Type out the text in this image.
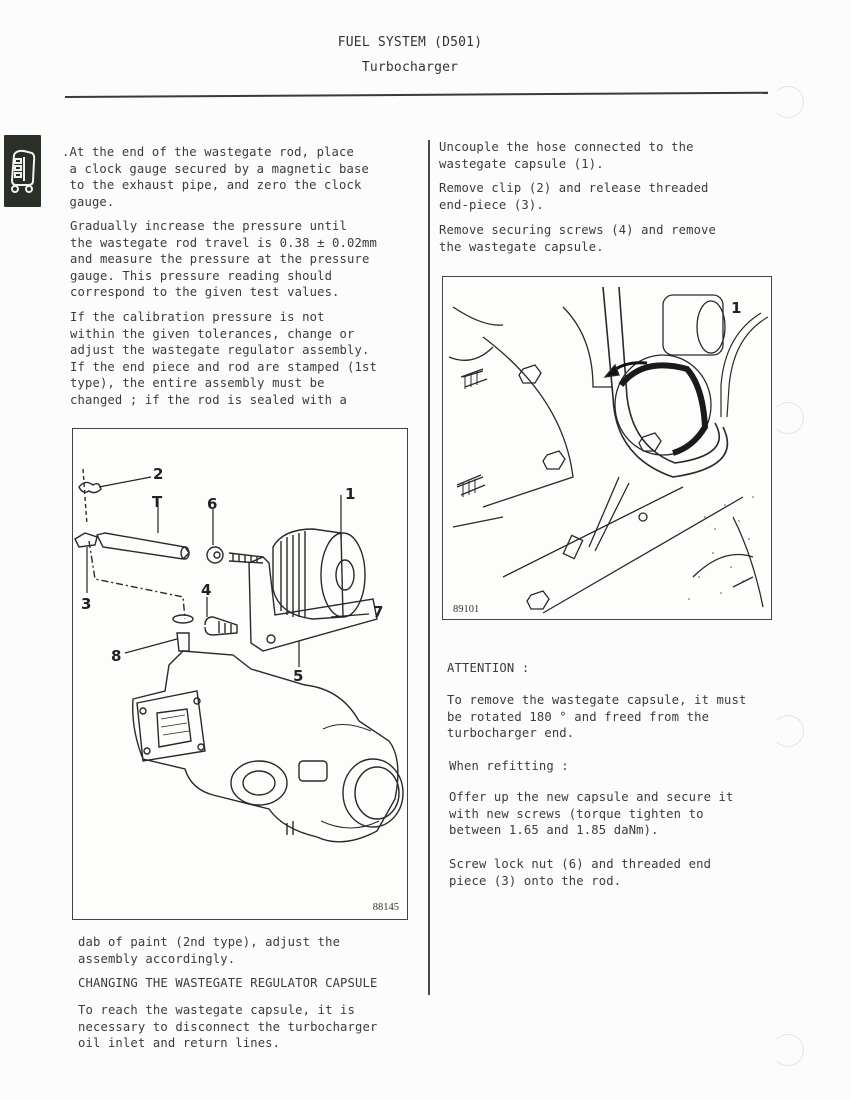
FUEL SYSTEM (D501)
Turbocharger
.At the end of the wastegate rod, place
a clock gauge secured by a magnetic base
to the exhaust pipe, and zero the clock
gauge.
Gradually increase the pressure until
the wastegate rod travel is 0.38 ± 0.02mm
and measure the pressure at the pressure
gauge. This pressure reading should
correspond to the given test values.
If the calibration pressure is not
within the given tolerances, change or
adjust the wastegate regulator assembly.
If the end piece and rod are stamped (1st
type), the entire assembly must be
changed ; if the rod is sealed with a
1
2
T
3
4
5
6
7
8
88145
dab of paint (2nd type), adjust the
assembly accordingly.
CHANGING THE WASTEGATE REGULATOR CAPSULE
To reach the wastegate capsule, it is
necessary to disconnect the turbocharger
oil inlet and return lines.
Uncouple the hose connected to the
wastegate capsule (1).
Remove clip (2) and release threaded
end-piece (3).
Remove securing screws (4) and remove
the wastegate capsule.
1
89101
ATTENTION :
To remove the wastegate capsule, it must
be rotated 180 ° and freed from the
turbocharger end.
When refitting :
Offer up the new capsule and secure it
with new screws (torque tighten to
between 1.65 and 1.85 daNm).
Screw lock nut (6) and threaded end
piece (3) onto the rod.
